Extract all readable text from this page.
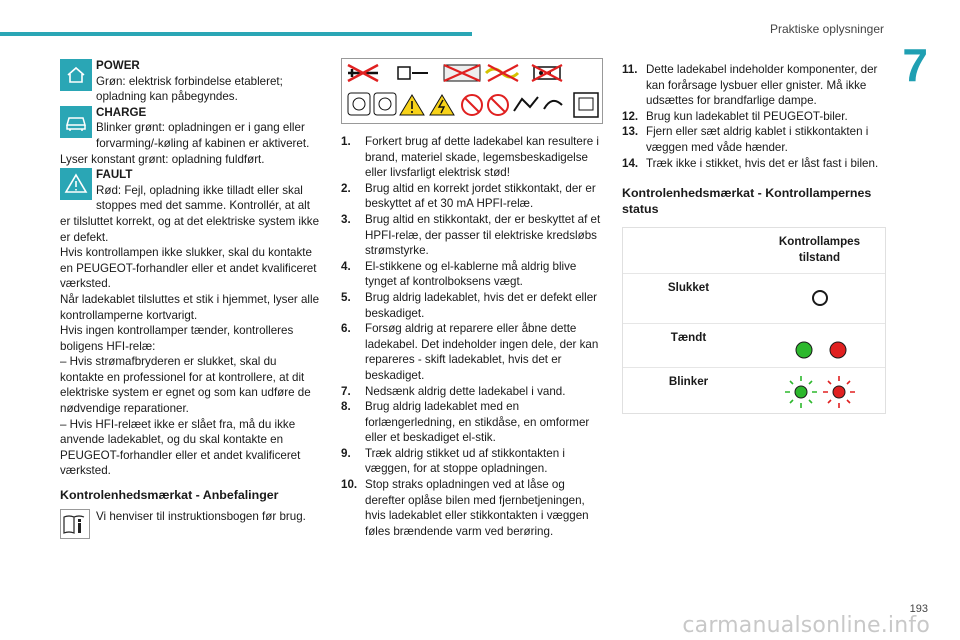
Praktiske oplysninger
7
POWER
Grøn: elektrisk forbindelse etableret; opladning kan påbegyndes.
CHARGE
Blinker grønt: opladningen er i gang eller forvarming/-køling af kabinen er aktiveret.
Lyser konstant grønt: opladning fuldført.
FAULT
Rød: Fejl, opladning ikke tilladt eller skal stoppes med det samme. Kontrollér, at alt er tilsluttet korrekt, og at det elektriske system ikke er defekt.
Hvis kontrollampen ikke slukker, skal du kontakte en PEUGEOT-forhandler eller et andet kvalificeret værksted.
Når ladekablet tilsluttes et stik i hjemmet, lyser alle kontrollamperne kortvarigt.
Hvis ingen kontrollamper tænder, kontrolleres boligens HFI-relæ:
– Hvis strømafbryderen er slukket, skal du kontakte en professionel for at kontrollere, at dit elektriske system er egnet og som kan udføre de nødvendige reparationer.
– Hvis HFI-relæet ikke er slået fra, må du ikke anvende ladekablet, og du skal kontakte en PEUGEOT-forhandler eller et andet kvalificeret værksted.
Kontrolenhedsmærkat - Anbefalinger
Vi henviser til instruktionsbogen før brug.
1. Forkert brug af dette ladekabel kan resultere i brand, materiel skade, legemsbeskadigelse eller livsfarligt elektrisk stød!
2. Brug altid en korrekt jordet stikkontakt, der er beskyttet af et 30 mA HPFI-relæ.
3. Brug altid en stikkontakt, der er beskyttet af et HPFI-relæ, der passer til elektriske kredsløbs strømstyrke.
4. El-stikkene og el-kablerne må aldrig blive tynget af kontrolboksens vægt.
5. Brug aldrig ladekablet, hvis det er defekt eller beskadiget.
6. Forsøg aldrig at reparere eller åbne dette ladekabel. Det indeholder ingen dele, der kan repareres - skift ladekablet, hvis det er beskadiget.
7. Nedsænk aldrig dette ladekabel i vand.
8. Brug aldrig ladekablet med en forlængerledning, en stikdåse, en omformer eller et beskadiget el-stik.
9. Træk aldrig stikket ud af stikkontakten i væggen, for at stoppe opladningen.
10. Stop straks opladningen ved at låse og derefter oplåse bilen med fjernbetjeningen, hvis ladekablet eller stikkontakten i væggen føles brændende varm ved berøring.
11. Dette ladekabel indeholder komponenter, der kan forårsage lysbuer eller gnister. Må ikke udsættes for brandfarlige dampe.
12. Brug kun ladekablet til PEUGEOT-biler.
13. Fjern eller sæt aldrig kablet i stikkontakten i væggen med våde hænder.
14. Træk ikke i stikket, hvis det er låst fast i bilen.
Kontrolenhedsmærkat - Kontrollampernes status
Kontrollampes tilstand
Slukket
Tændt
Blinker
193
carmanualsonline.info
